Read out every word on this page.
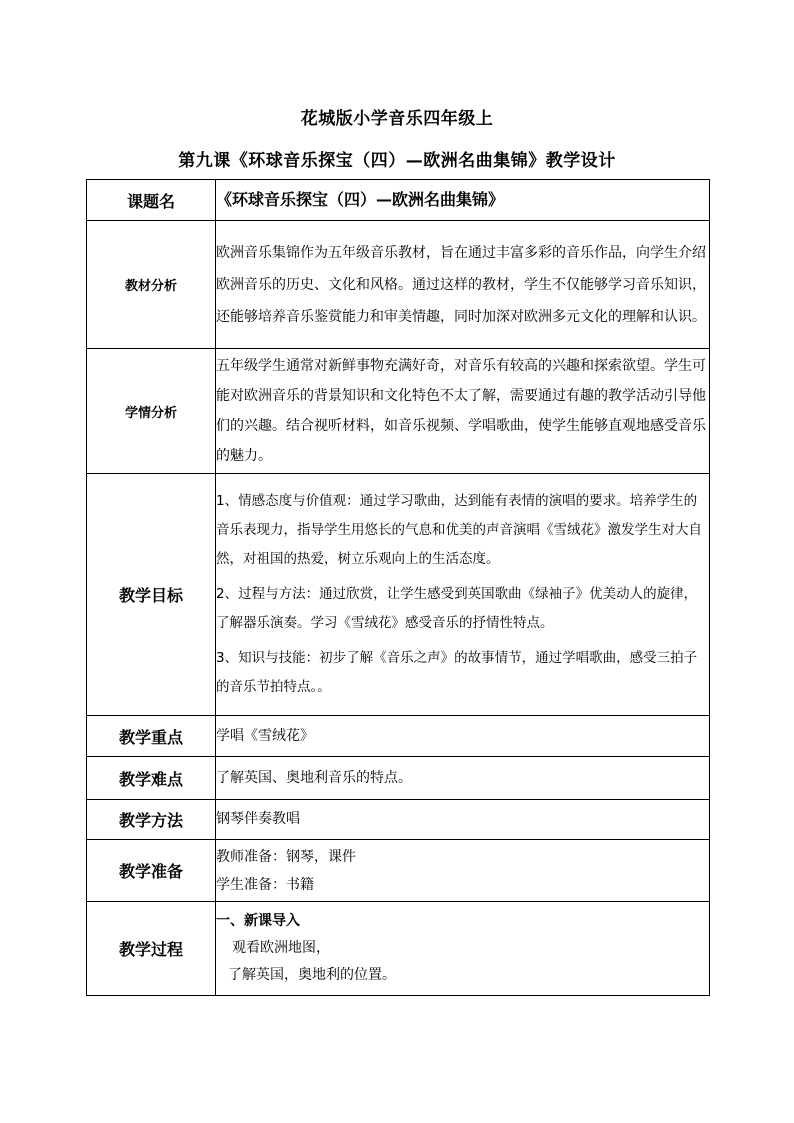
花城版小学音乐四年级上
第九课《环球音乐探宝（四）—欧洲名曲集锦》教学设计
课题名	《环球音乐探宝（四）—欧洲名曲集锦》
教材分析	欧洲音乐集锦作为五年级音乐教材，旨在通过丰富多彩的音乐作品，向学生介绍欧洲音乐的历史、文化和风格。通过这样的教材，学生不仅能够学习音乐知识，还能够培养音乐鉴赏能力和审美情趣，同时加深对欧洲多元文化的理解和认识。
学情分析	五年级学生通常对新鲜事物充满好奇，对音乐有较高的兴趣和探索欲望。学生可能对欧洲音乐的背景知识和文化特色不太了解，需要通过有趣的教学活动引导他们的兴趣。结合视听材料，如音乐视频、学唱歌曲，使学生能够直观地感受音乐的魅力。
教学目标	1、情感态度与价值观：通过学习歌曲，达到能有表情的演唱的要求。培养学生的音乐表现力，指导学生用悠长的气息和优美的声音演唱《雪绒花》激发学生对大自然，对祖国的热爱，树立乐观向上的生活态度。

2、过程与方法：通过欣赏，让学生感受到英国歌曲《绿袖子》优美动人的旋律，了解器乐演奏。学习《雪绒花》感受音乐的抒情性特点。

3、知识与技能：初步了解《音乐之声》的故事情节，通过学唱歌曲，感受三拍子的音乐节拍特点。。

教学重点	学唱《雪绒花》
教学难点	了解英国、奥地利音乐的特点。
教学方法	钢琴伴奏教唱
教学准备	教师准备：钢琴，课件
学生准备：书籍

教学过程	一、新课导入
观看欧洲地图，
了解英国，奥地利的位置。
